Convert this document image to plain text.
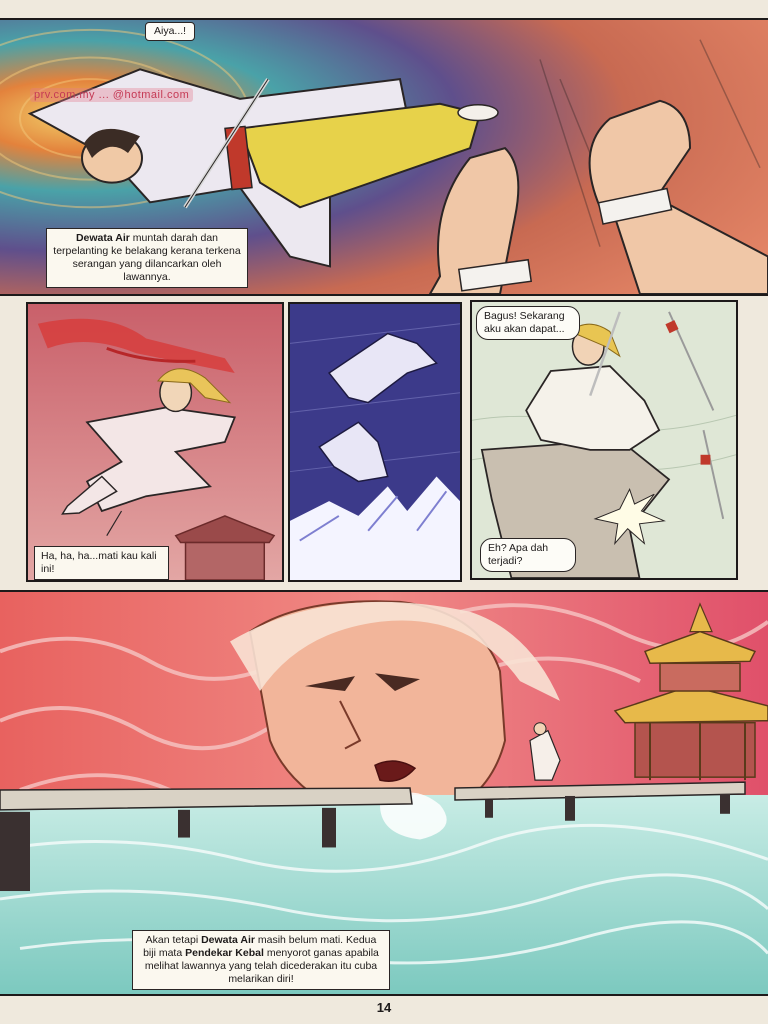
Aiya...!
prv.com.my ... @hotmail.com
Dewata Air muntah darah dan terpelanting ke belakang kerana terkena serangan yang dilancarkan oleh lawannya.
Ha, ha, ha...mati kau kali ini!
Bagus! Sekarang aku akan dapat...
Eh? Apa dah terjadi?
Akan tetapi Dewata Air masih belum mati. Kedua biji mata Pendekar Kebal menyorot ganas apabila melihat lawannya yang telah dicederakan itu cuba melarikan diri!
14
